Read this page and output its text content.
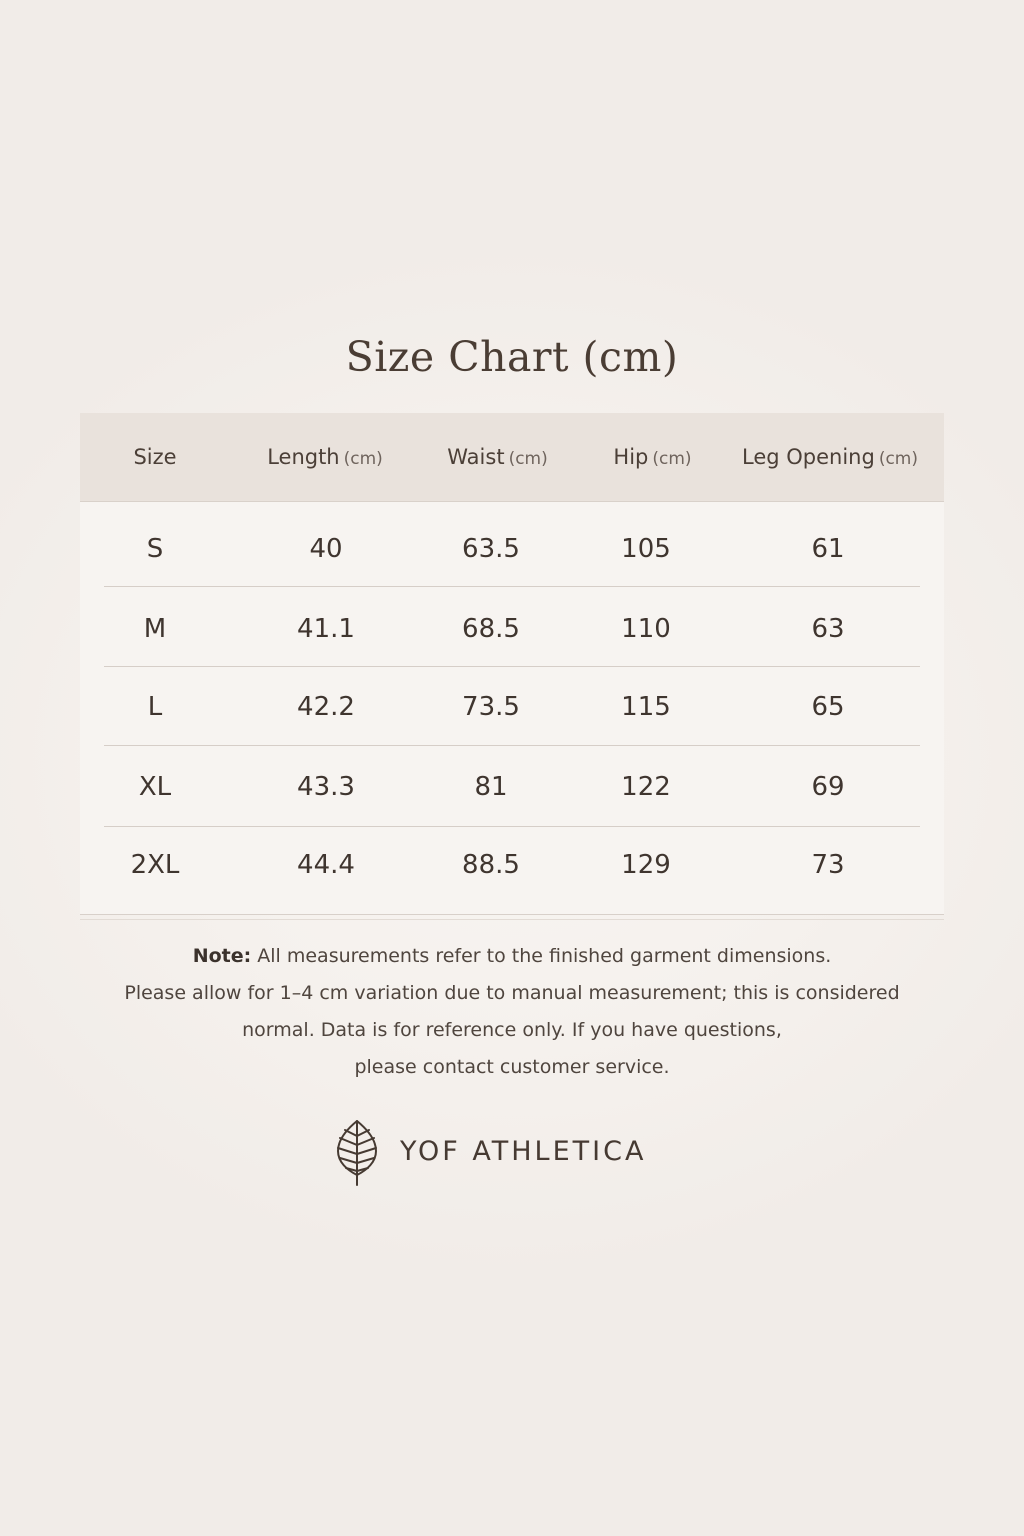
Size Chart (cm)
Size	Length (cm)	Waist (cm)	Hip (cm)	Leg Opening (cm)
S	40	63.5	105	61
M	41.1	68.5	110	63
L	42.2	73.5	115	65
XL	43.3	81	122	69
2XL	44.4	88.5	129	73
Note: All measurements refer to the finished garment dimensions.
Please allow for 1–4 cm variation due to manual measurement; this is considered
normal. Data is for reference only. If you have questions,
please contact customer service.
YOF ATHLETICA
